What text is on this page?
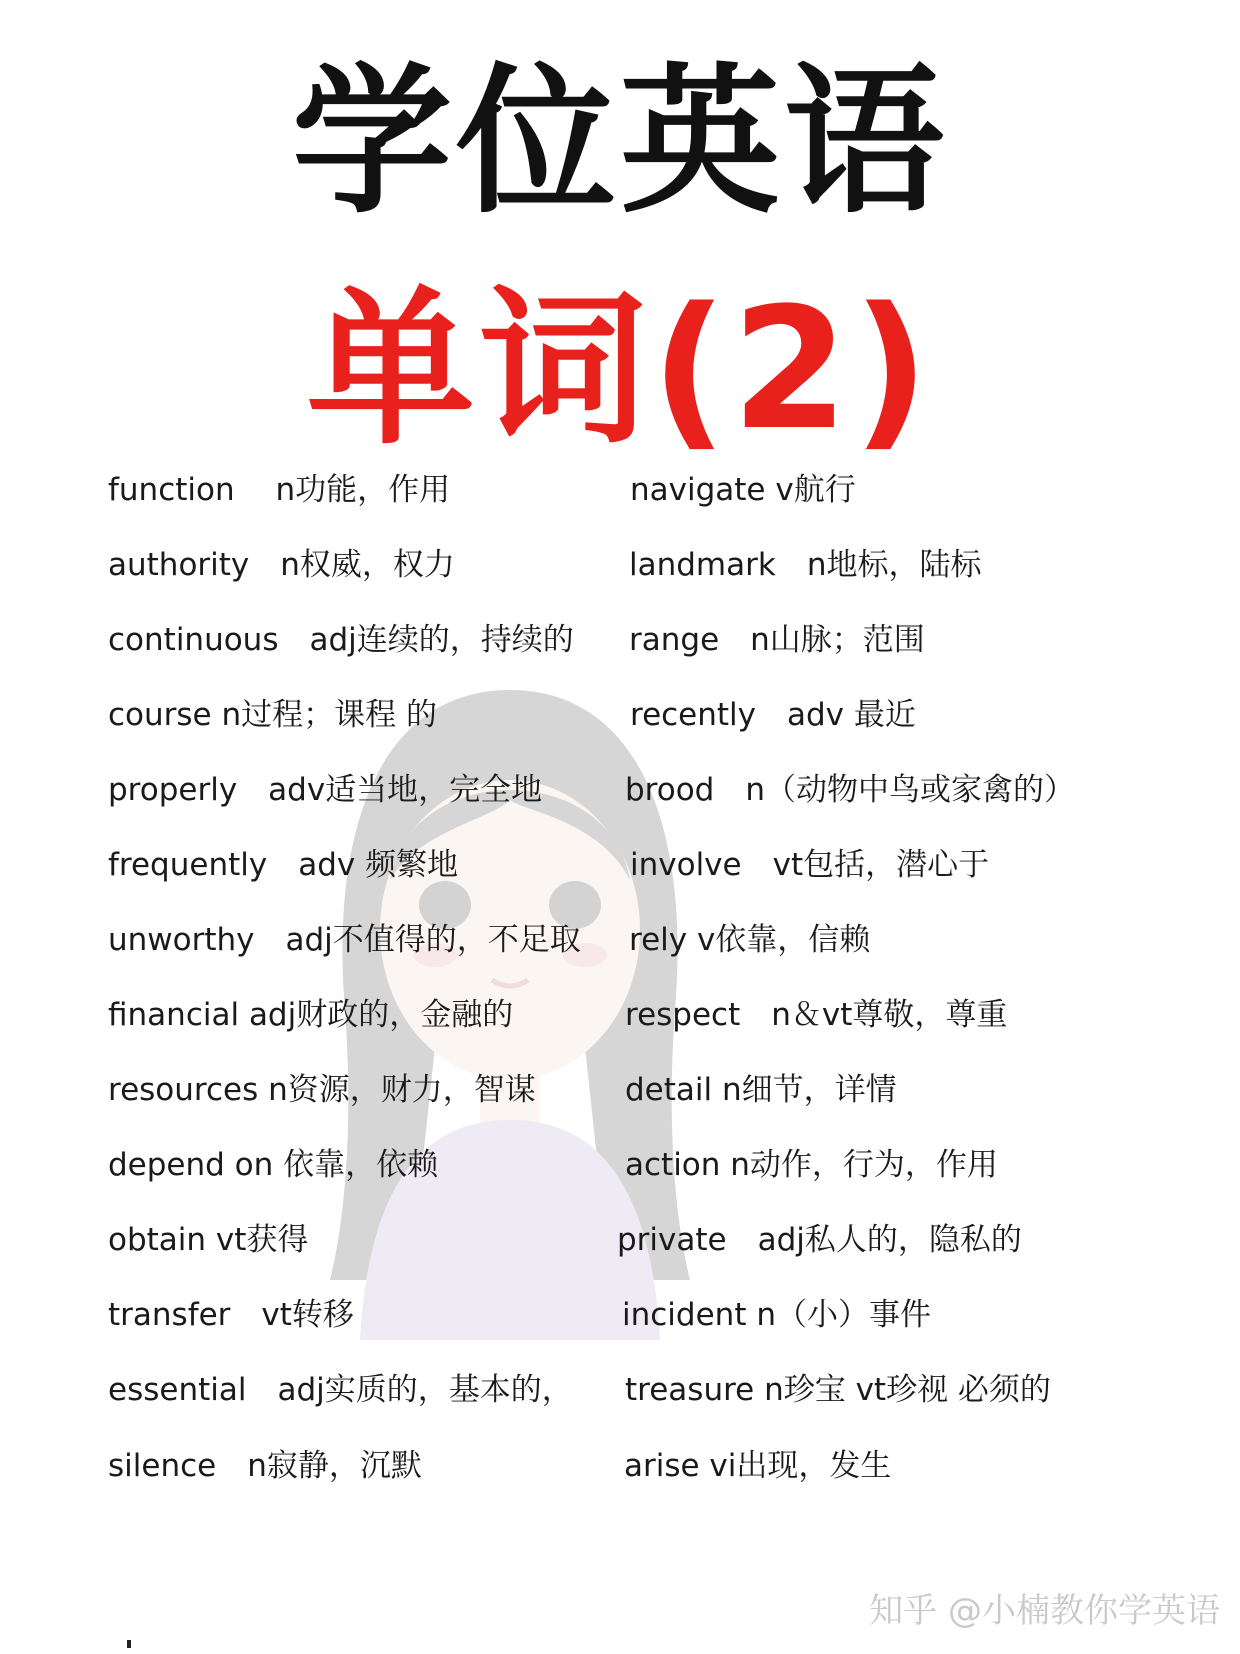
学位英语
单词(2)
function　 n功能，作用
authority　n权威，权力
continuous　adj连续的，持续的
course n过程；课程 的
properly　adv适当地，完全地
frequently　adv 频繁地
unworthy　adj不值得的，不足取
financial adj财政的，金融的
resources n资源，财力，智谋
depend on 依靠，依赖
obtain vt获得
transfer　vt转移
essential　adj实质的，基本的，
silence　n寂静，沉默
navigate v航行
landmark　n地标，陆标
range　n山脉；范围
recently　adv 最近
brood　n（动物中鸟或家禽的）
involve　vt包括，潜心于
rely v依靠，信赖
respect　n＆vt尊敬，尊重
detail n细节，详情
action n动作，行为，作用
private　adj私人的，隐私的
incident n（小）事件
treasure n珍宝 vt珍视 必须的
arise vi出现，发生
知乎 @小楠教你学英语
